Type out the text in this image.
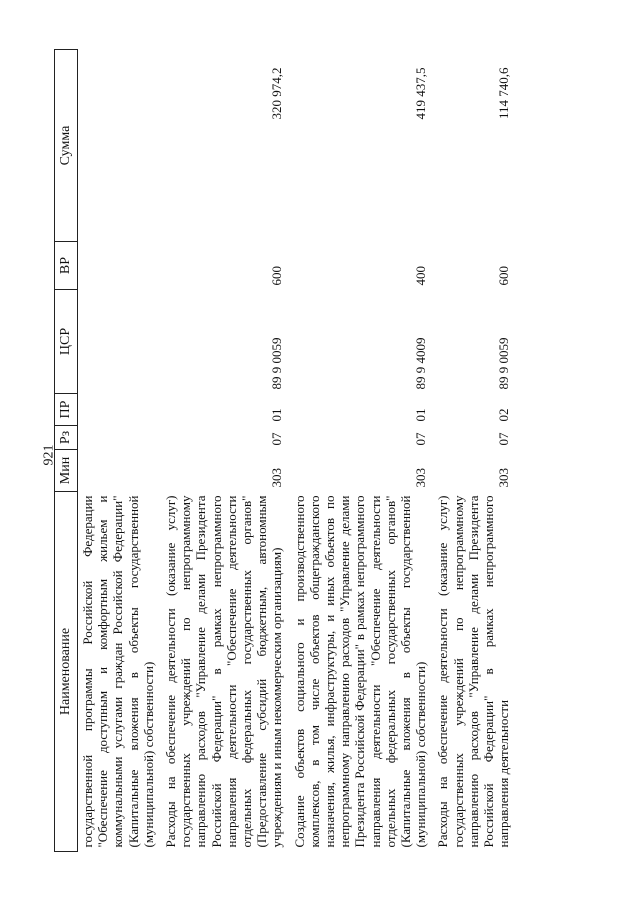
921
Наименование	Мин	Рз	ПР	ЦСР	ВР	Сумма
государственной программы Российской Федерации "Обеспечение доступным и комфортным жильем и коммунальными услугами граждан Российской Федерации" (Капитальные вложения в объекты государственной (муниципальной) собственности)						
Расходы на обеспечение деятельности (оказание услуг) государственных учреждений по непрограммному направлению расходов "Управление делами Президента Российской Федерации" в рамках непрограммного направления деятельности "Обеспечение деятельности отдельных федеральных государственных органов" (Предоставление субсидий бюджетным, автономным учреждениям и иным некоммерческим организациям)	303	07	01	89 9 0059	600	320 974,2
Создание объектов социального и производственного комплексов, в том числе объектов общегражданского назначения, жилья, инфраструктуры, и иных объектов по непрограммному направлению расходов "Управление делами Президента Российской Федерации" в рамках непрограммного направления деятельности "Обеспечение деятельности отдельных федеральных государственных органов" (Капитальные вложения в объекты государственной (муниципальной) собственности)	303	07	01	89 9 4009	400	419 437,5
Расходы на обеспечение деятельности (оказание услуг) государственных учреждений по непрограммному направлению расходов "Управление делами Президента Российской Федерации" в рамках непрограммного направления деятельности	303	07	02	89 9 0059	600	114 740,6
